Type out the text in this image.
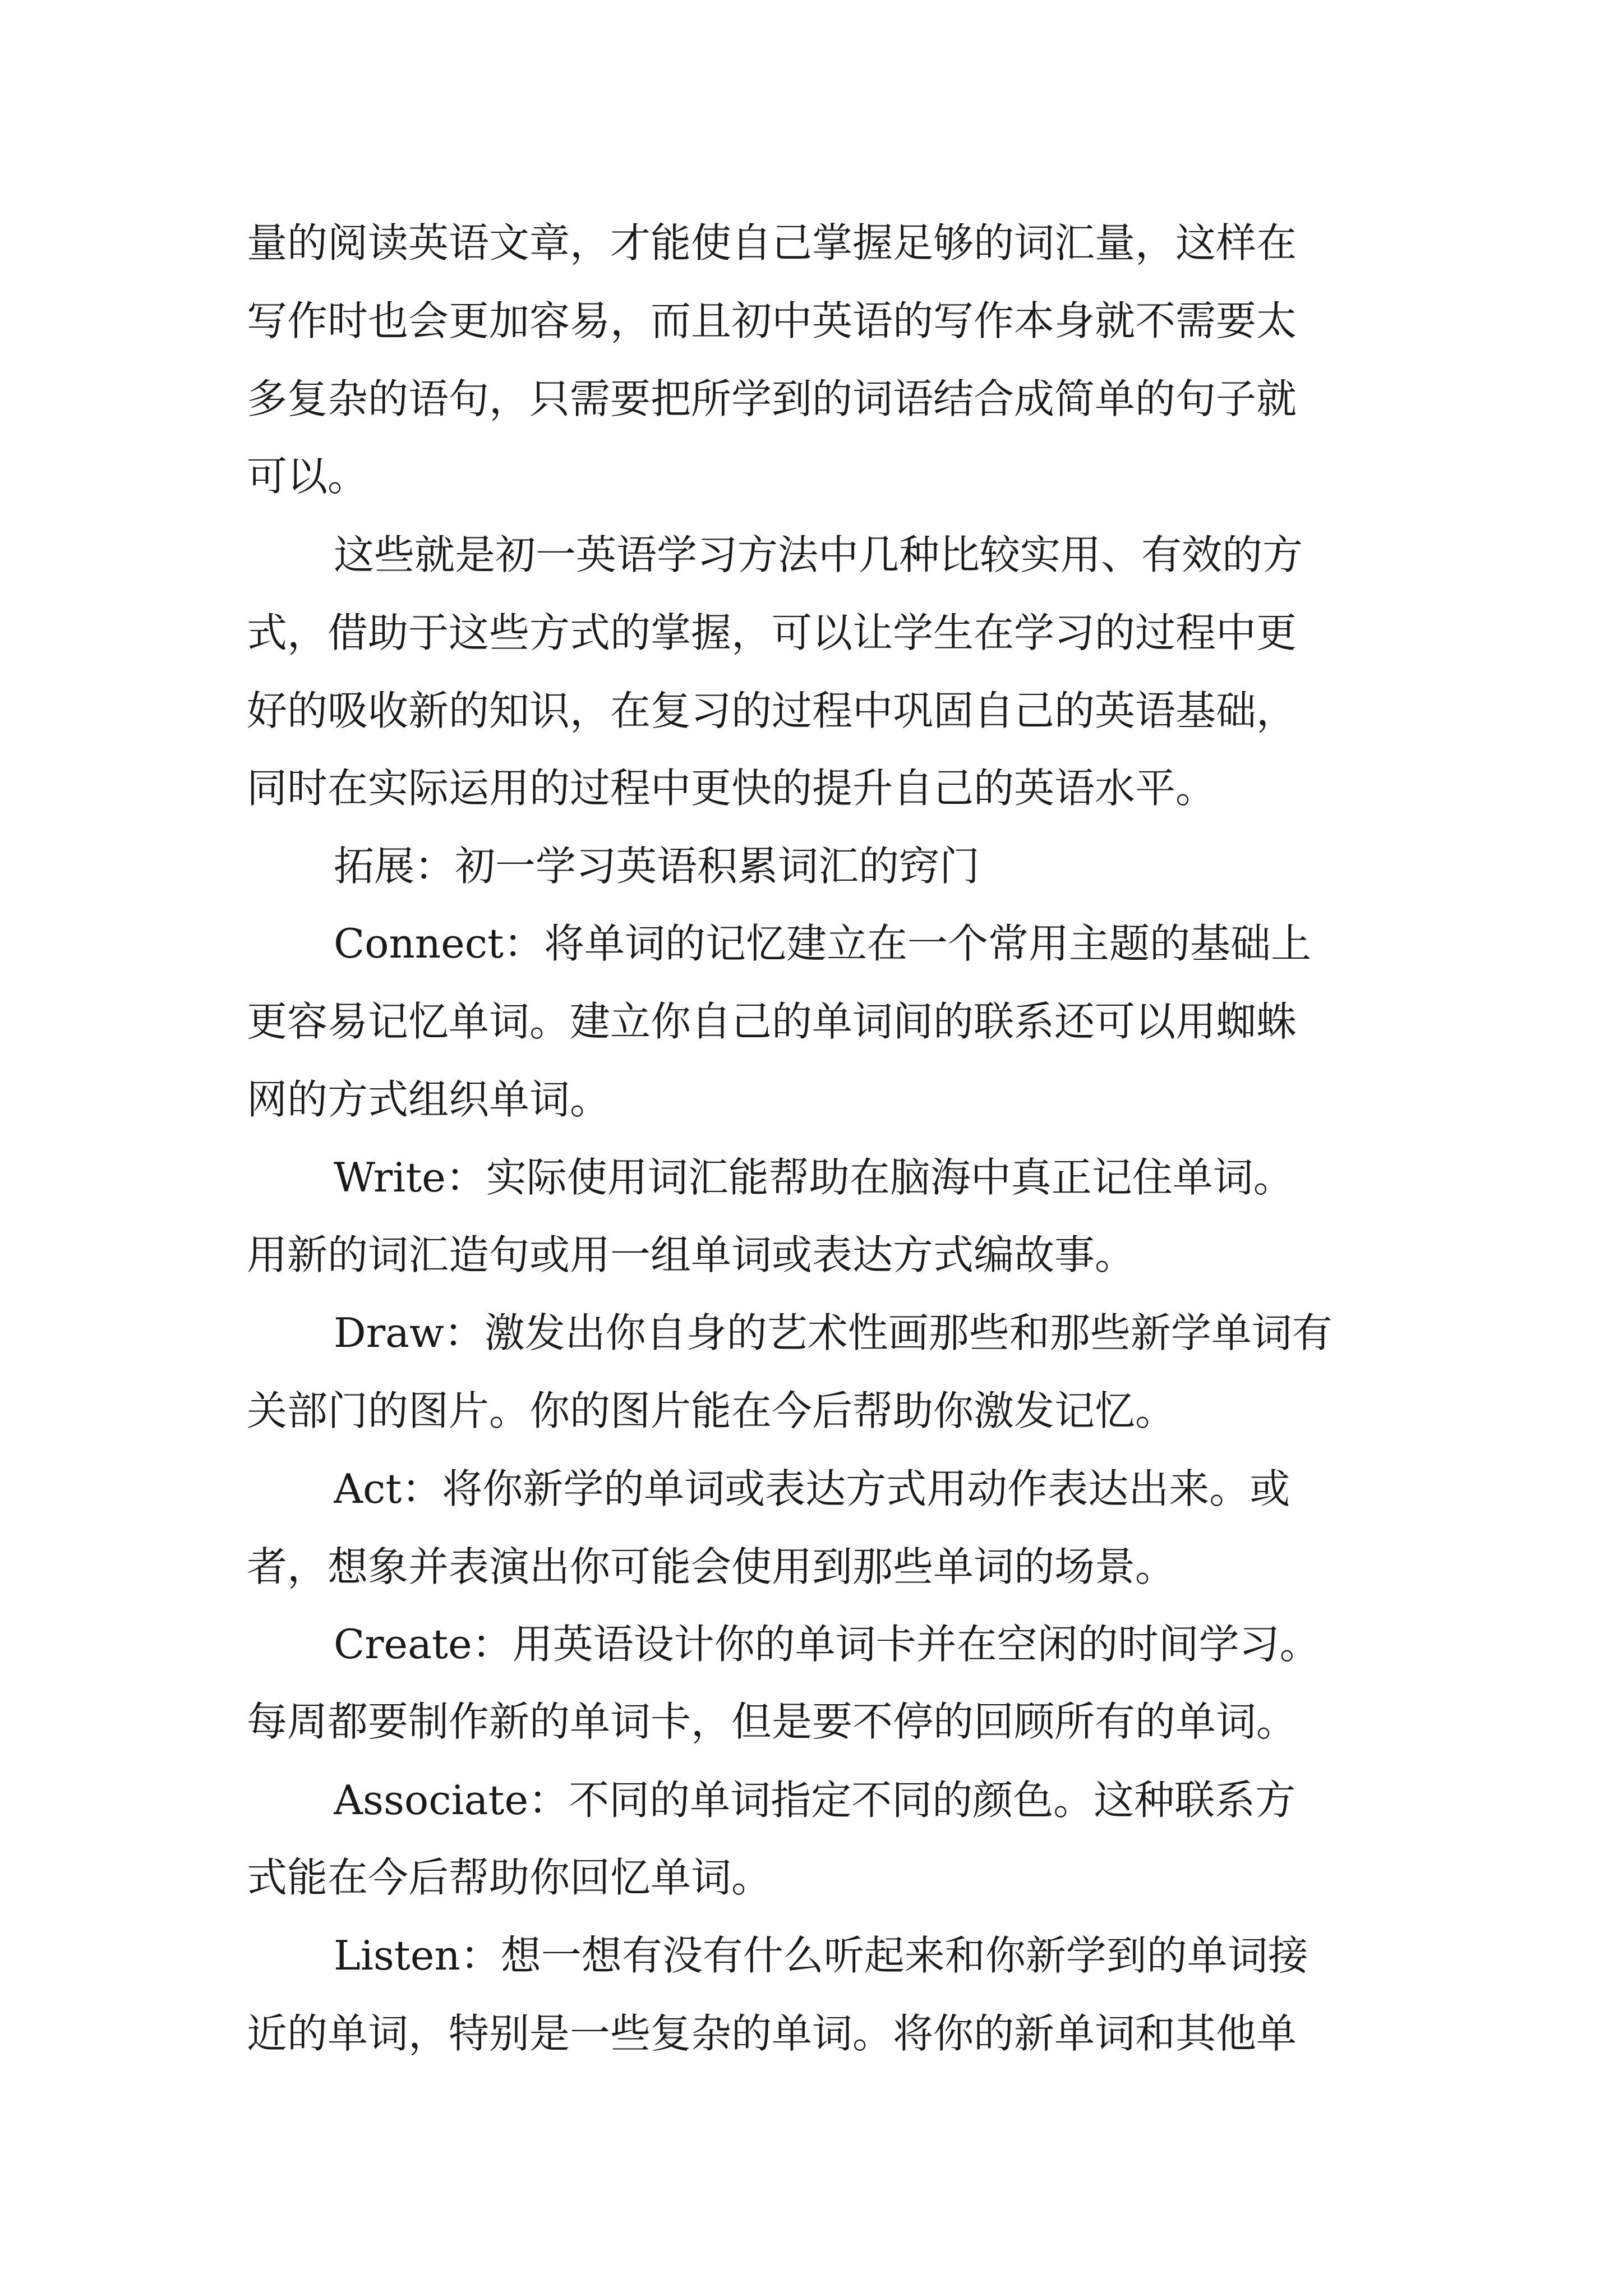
量的阅读英语文章，才能使自己掌握足够的词汇量，这样在
写作时也会更加容易，而且初中英语的写作本身就不需要太
多复杂的语句，只需要把所学到的词语结合成简单的句子就
可以。
这些就是初一英语学习方法中几种比较实用、有效的方
式，借助于这些方式的掌握，可以让学生在学习的过程中更
好的吸收新的知识，在复习的过程中巩固自己的英语基础，
同时在实际运用的过程中更快的提升自己的英语水平。
拓展：初一学习英语积累词汇的窍门
Connect：将单词的记忆建立在一个常用主题的基础上
更容易记忆单词。建立你自己的单词间的联系还可以用蜘蛛
网的方式组织单词。
Write：实际使用词汇能帮助在脑海中真正记住单词。
用新的词汇造句或用一组单词或表达方式编故事。
Draw：激发出你自身的艺术性画那些和那些新学单词有
关部门的图片。你的图片能在今后帮助你激发记忆。
Act：将你新学的单词或表达方式用动作表达出来。或
者，想象并表演出你可能会使用到那些单词的场景。
Create：用英语设计你的单词卡并在空闲的时间学习。
每周都要制作新的单词卡，但是要不停的回顾所有的单词。
Associate：不同的单词指定不同的颜色。这种联系方
式能在今后帮助你回忆单词。
Listen：想一想有没有什么听起来和你新学到的单词接
近的单词，特别是一些复杂的单词。将你的新单词和其他单
